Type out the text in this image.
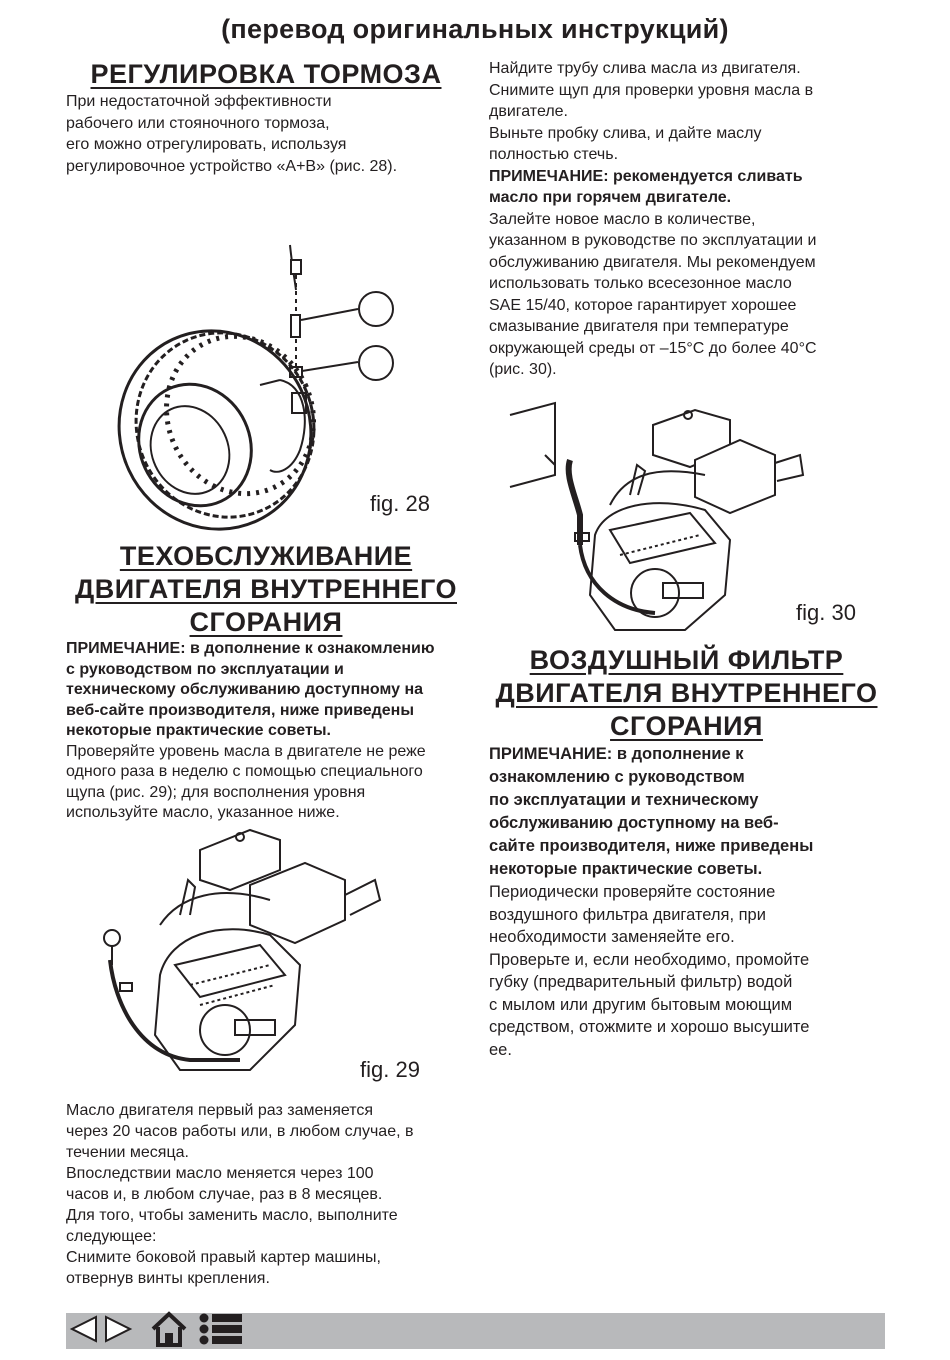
(перевод оригинальных инструкций)
РЕГУЛИРОВКА ТОРМОЗА

При недостаточной эффективности

рабочего или стояночного тормоза,

его можно отрегулировать, используя

регулировочное устройство «A+B» (рис. 28).

fig. 28
ТЕХОБСЛУЖИВАНИЕ
ДВИГАТЕЛЯ ВНУТРЕННЕГО
СГОРАНИЯ

ПРИМЕЧАНИЕ: в дополнение к ознакомлению

с руководством по эксплуатации и

техническому обслуживанию доступному на

веб-сайте производителя, ниже приведены

некоторые практические советы.

Проверяйте уровень масла в двигателе не реже

одного раза в неделю с помощью специального

щупа (рис. 29); для восполнения уровня

используйте масло, указанное ниже.

fig. 29

Масло двигателя первый раз заменяется

через 20 часов работы или, в любом случае, в

течении месяца.

Впоследствии масло меняется через 100

часов и, в любом случае, раз в 8 месяцев.

Для того, чтобы заменить масло, выполните

следующее:

Снимите боковой правый картер машины,

отвернув винты крепления.

Найдите трубу слива масла из двигателя.

Снимите щуп для проверки уровня масла в

двигателе.

Выньте пробку слива, и дайте маслу

полностью стечь.

ПРИМЕЧАНИЕ: рекомендуется сливать

масло при горячем двигателе.

Залейте новое масло в количестве,

указанном в руководстве по эксплуатации и

обслуживанию двигателя. Мы рекомендуем

использовать только всесезонное масло

SAE 15/40, которое гарантирует хорошее

смазывание двигателя при температуре

окружающей среды от –15°C до более 40°C

(рис. 30).

fig. 30
ВОЗДУШНЫЙ ФИЛЬТР
ДВИГАТЕЛЯ ВНУТРЕННЕГО
СГОРАНИЯ

ПРИМЕЧАНИЕ: в дополнение к

ознакомлению с руководством

по эксплуатации и техническому

обслуживанию доступному на веб-

сайте производителя, ниже приведены

некоторые практические советы.

Периодически проверяйте состояние

воздушного фильтра двигателя, при

необходимости заменяейте его.

Проверьте и, если необходимо, промойте

губку (предварительный фильтр) водой

с мылом или другим бытовым моющим

средством, отожмите и хорошо высушите

ее.
